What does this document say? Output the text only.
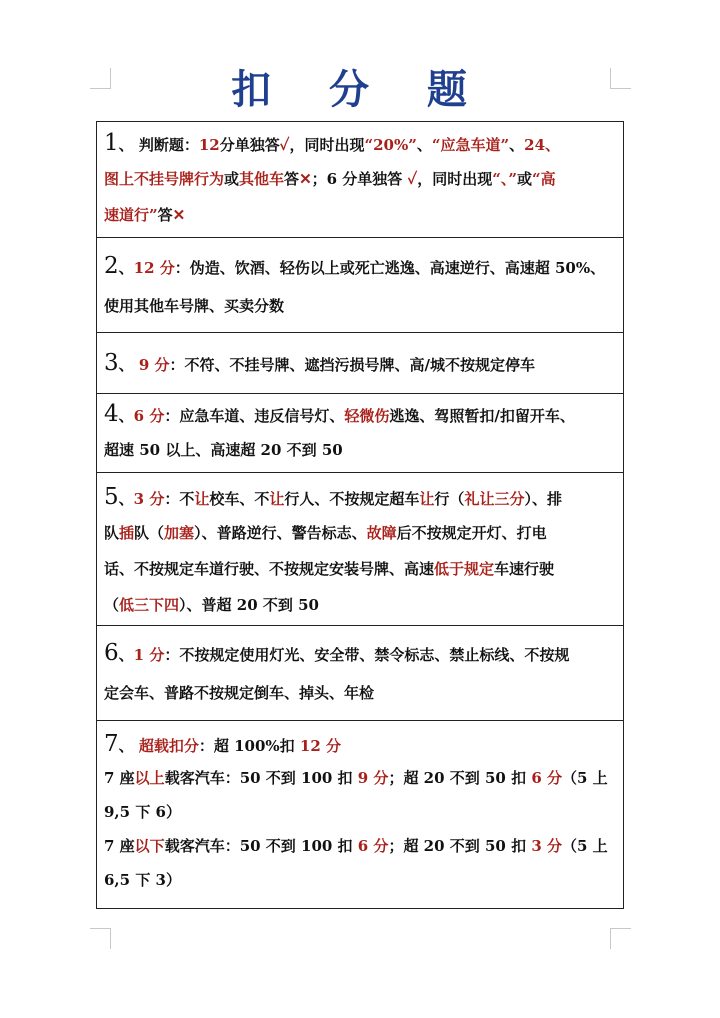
扣 分 题
1、 判断题：12分单独答✓，同时出现“20%”、“应急车道”、24、
图上不挂号牌行为或其他车答✕；6 分单独答 ✓，同时出现“、”或“高
速道行”答✕
2、12 分：伪造、饮酒、轻伤以上或死亡逃逸、高速逆行、高速超 50%、
使用其他车号牌、买卖分数
3、 9 分：不符、不挂号牌、遮挡污损号牌、高/城不按规定停车
4、6 分：应急车道、违反信号灯、轻微伤逃逸、驾照暂扣/扣留开车、
超速 50 以上、高速超 20 不到 50
5、3 分：不让校车、不让行人、不按规定超车让行（礼让三分）、排
队插队（加塞）、普路逆行、警告标志、故障后不按规定开灯、打电
话、不按规定车道行驶、不按规定安装号牌、高速低于规定车速行驶
（低三下四）、普超 20 不到 50
6、1 分：不按规定使用灯光、安全带、禁令标志、禁止标线、不按规
定会车、普路不按规定倒车、掉头、年检
7、 超载扣分：超 100%扣 12 分
7 座以上载客汽车：50 不到 100 扣 9 分；超 20 不到 50 扣 6 分（5 上
9,5 下 6）
7 座以下载客汽车：50 不到 100 扣 6 分；超 20 不到 50 扣 3 分（5 上
6,5 下 3）
